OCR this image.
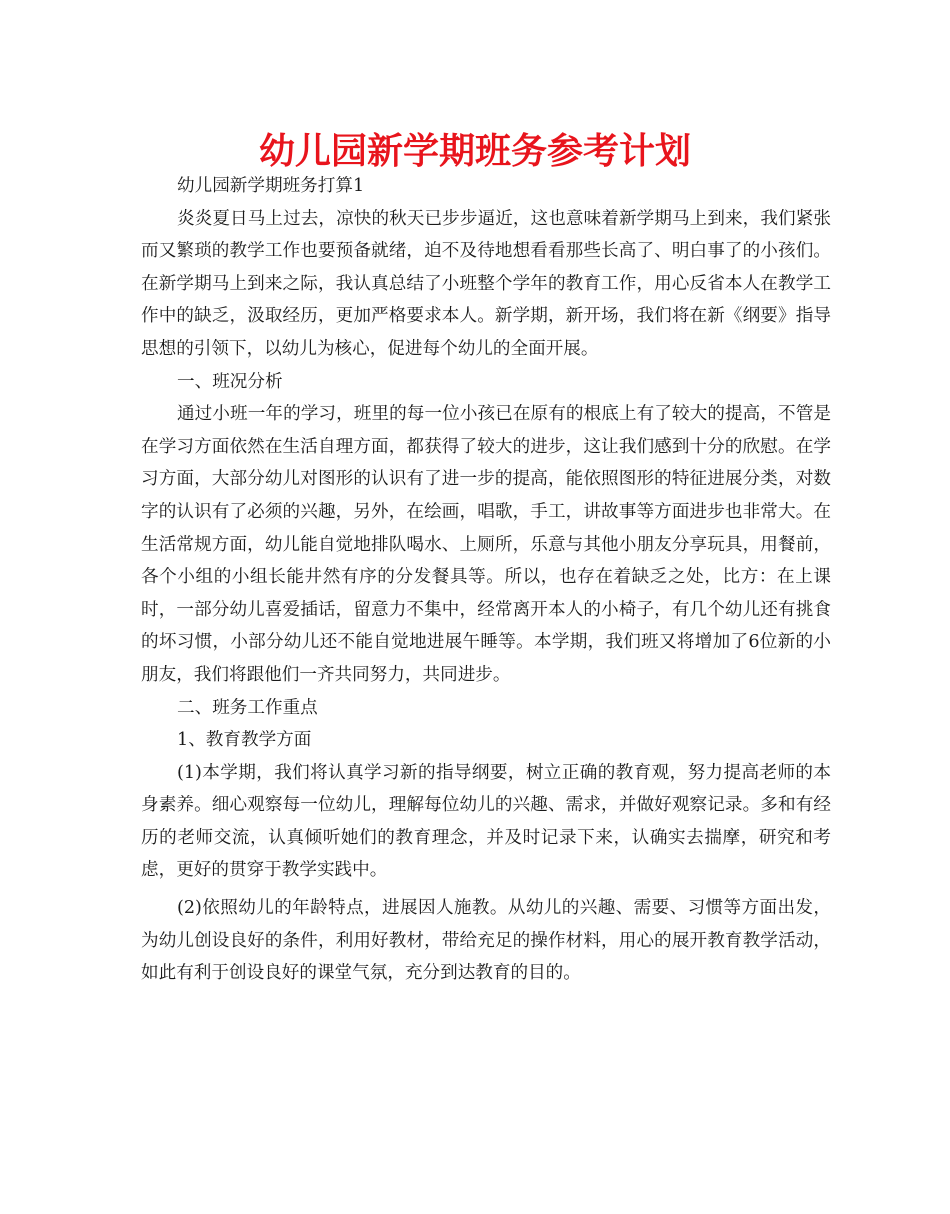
幼儿园新学期班务参考计划

幼儿园新学期班务打算1

炎炎夏日马上过去，凉快的秋天已步步逼近，这也意味着新学期马上到来，我们紧张而又繁琐的教学工作也要预备就绪，迫不及待地想看看那些长高了、明白事了的小孩们。在新学期马上到来之际，我认真总结了小班整个学年的教育工作，用心反省本人在教学工作中的缺乏，汲取经历，更加严格要求本人。新学期，新开场，我们将在新《纲要》指导思想的引领下，以幼儿为核心，促进每个幼儿的全面开展。

一、班况分析

通过小班一年的学习，班里的每一位小孩已在原有的根底上有了较大的提高，不管是在学习方面依然在生活自理方面，都获得了较大的进步，这让我们感到十分的欣慰。在学习方面，大部分幼儿对图形的认识有了进一步的提高，能依照图形的特征进展分类，对数字的认识有了必须的兴趣，另外，在绘画，唱歌，手工，讲故事等方面进步也非常大。在生活常规方面，幼儿能自觉地排队喝水、上厕所，乐意与其他小朋友分享玩具，用餐前，各个小组的小组长能井然有序的分发餐具等。所以，也存在着缺乏之处，比方：在上课时，一部分幼儿喜爱插话，留意力不集中，经常离开本人的小椅子，有几个幼儿还有挑食的坏习惯，小部分幼儿还不能自觉地进展午睡等。本学期，我们班又将增加了6位新的小朋友，我们将跟他们一齐共同努力，共同进步。

二、班务工作重点

1、教育教学方面

(1)本学期，我们将认真学习新的指导纲要，树立正确的教育观，努力提高老师的本身素养。细心观察每一位幼儿，理解每位幼儿的兴趣、需求，并做好观察记录。多和有经历的老师交流，认真倾听她们的教育理念，并及时记录下来，认确实去揣摩，研究和考虑，更好的贯穿于教学实践中。

(2)依照幼儿的年龄特点，进展因人施教。从幼儿的兴趣、需要、习惯等方面出发，为幼儿创设良好的条件，利用好教材，带给充足的操作材料，用心的展开教育教学活动，如此有利于创设良好的课堂气氛，充分到达教育的目的。
